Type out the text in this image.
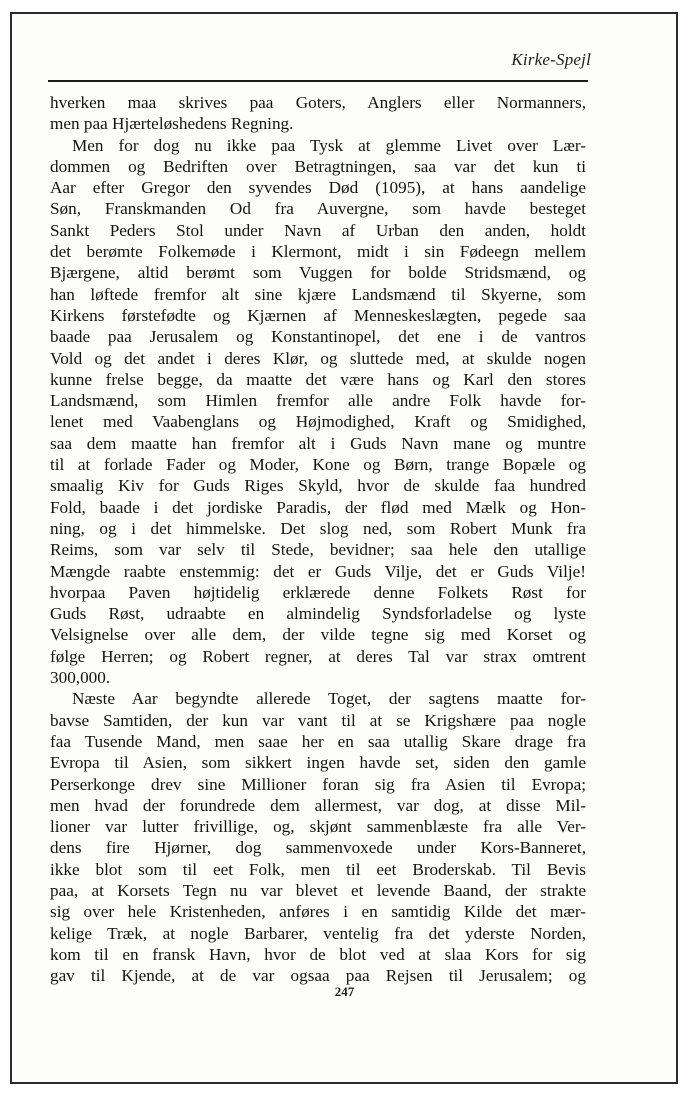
Kirke-Spejl
hverken maa skrives paa Goters, Anglers eller Normanners,
men paa Hjærteløshedens Regning.
Men for dog nu ikke paa Tysk at glemme Livet over Lær-
dommen og Bedriften over Betragtningen, saa var det kun ti
Aar efter Gregor den syvendes Død (1095), at hans aandelige
Søn, Franskmanden Od fra Auvergne, som havde besteget
Sankt Peders Stol under Navn af Urban den anden, holdt
det berømte Folkemøde i Klermont, midt i sin Fødeegn mellem
Bjærgene, altid berømt som Vuggen for bolde Stridsmænd, og
han løftede fremfor alt sine kjære Landsmænd til Skyerne, som
Kirkens førstefødte og Kjærnen af Menneskeslægten, pegede saa
baade paa Jerusalem og Konstantinopel, det ene i de vantros
Vold og det andet i deres Klør, og sluttede med, at skulde nogen
kunne frelse begge, da maatte det være hans og Karl den stores
Landsmænd, som Himlen fremfor alle andre Folk havde for-
lenet med Vaabenglans og Højmodighed, Kraft og Smidighed,
saa dem maatte han fremfor alt i Guds Navn mane og muntre
til at forlade Fader og Moder, Kone og Børn, trange Bopæle og
smaalig Kiv for Guds Riges Skyld, hvor de skulde faa hundred
Fold, baade i det jordiske Paradis, der flød med Mælk og Hon-
ning, og i det himmelske. Det slog ned, som Robert Munk fra
Reims, som var selv til Stede, bevidner; saa hele den utallige
Mængde raabte enstemmig: det er Guds Vilje, det er Guds Vilje!
hvorpaa Paven højtidelig erklærede denne Folkets Røst for
Guds Røst, udraabte en almindelig Syndsforladelse og lyste
Velsignelse over alle dem, der vilde tegne sig med Korset og
følge Herren; og Robert regner, at deres Tal var strax omtrent
300,000.
Næste Aar begyndte allerede Toget, der sagtens maatte for-
bavse Samtiden, der kun var vant til at se Krigshære paa nogle
faa Tusende Mand, men saae her en saa utallig Skare drage fra
Evropa til Asien, som sikkert ingen havde set, siden den gamle
Perserkonge drev sine Millioner foran sig fra Asien til Evropa;
men hvad der forundrede dem allermest, var dog, at disse Mil-
lioner var lutter frivillige, og, skjønt sammenblæste fra alle Ver-
dens fire Hjørner, dog sammenvoxede under Kors-Banneret,
ikke blot som til eet Folk, men til eet Broderskab. Til Bevis
paa, at Korsets Tegn nu var blevet et levende Baand, der strakte
sig over hele Kristenheden, anføres i en samtidig Kilde det mær-
kelige Træk, at nogle Barbarer, ventelig fra det yderste Norden,
kom til en fransk Havn, hvor de blot ved at slaa Kors for sig
gav til Kjende, at de var ogsaa paa Rejsen til Jerusalem; og
247
